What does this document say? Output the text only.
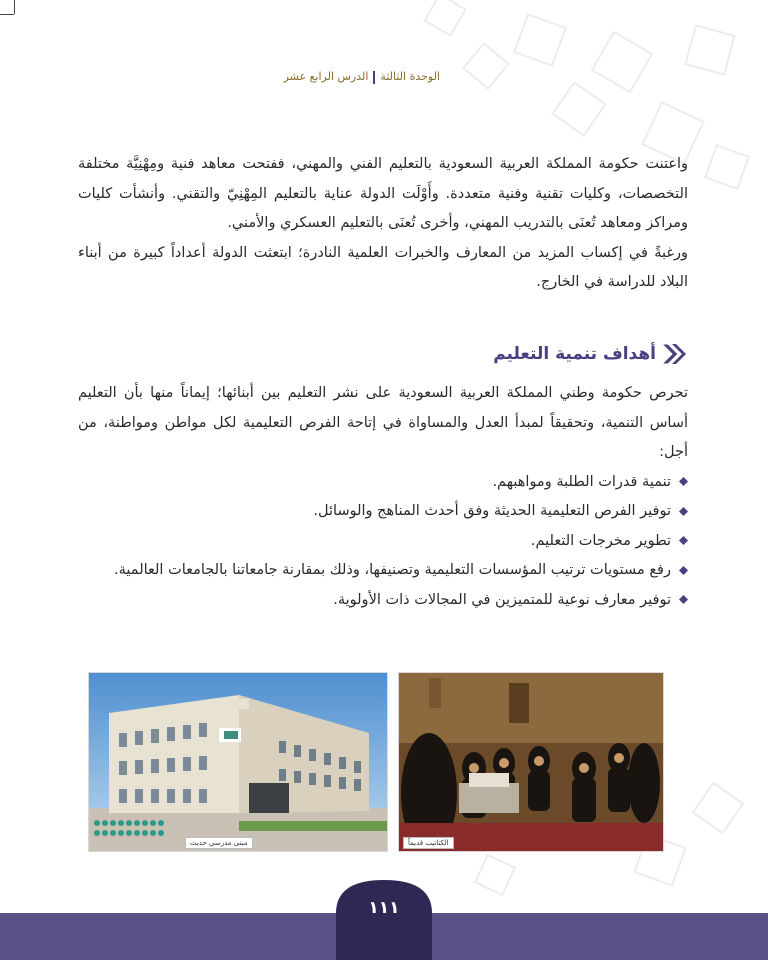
الوحدة الثالثةالدرس الرابع عشر
واعتنت حكومة المملكة العربية السعودية بالتعليم الفني والمهني، ففتحت معاهد فنية ومِهْنِيَّة مختلفة التخصصات، وكليات تقنية وفنية متعددة. وأَوْلَت الدولة عناية بالتعليم المِهْنِيّ والتقني. وأنشأت كليات ومراكز ومعاهد تُعنَى بالتدريب المهني، وأخرى تُعنَى بالتعليم العسكري والأمني.
ورغبةً في إكساب المزيد من المعارف والخبرات العلمية النادرة؛ ابتعثت الدولة أعداداً كبيرة من أبناء البلاد للدراسة في الخارج.
أهداف تنمية التعليم
تحرص حكومة وطني المملكة العربية السعودية على نشر التعليم بين أبنائها؛ إيماناً منها بأن التعليم أساس التنمية، وتحقيقاً لمبدأ العدل والمساواة في إتاحة الفرص التعليمية لكل مواطن ومواطنة، من أجل:
تنمية قدرات الطلبة ومواهبهم.
توفير الفرص التعليمية الحديثة وفق أحدث المناهج والوسائل.
تطوير مخرجات التعليم.
رفع مستويات ترتيب المؤسسات التعليمية وتصنيفها، وذلك بمقارنة جامعاتنا بالجامعات العالمية.
توفير معارف نوعية للمتميزين في المجالات ذات الأولوية.
مبنى مدرسي حديث	الكتاتيب قديماً
١١١
